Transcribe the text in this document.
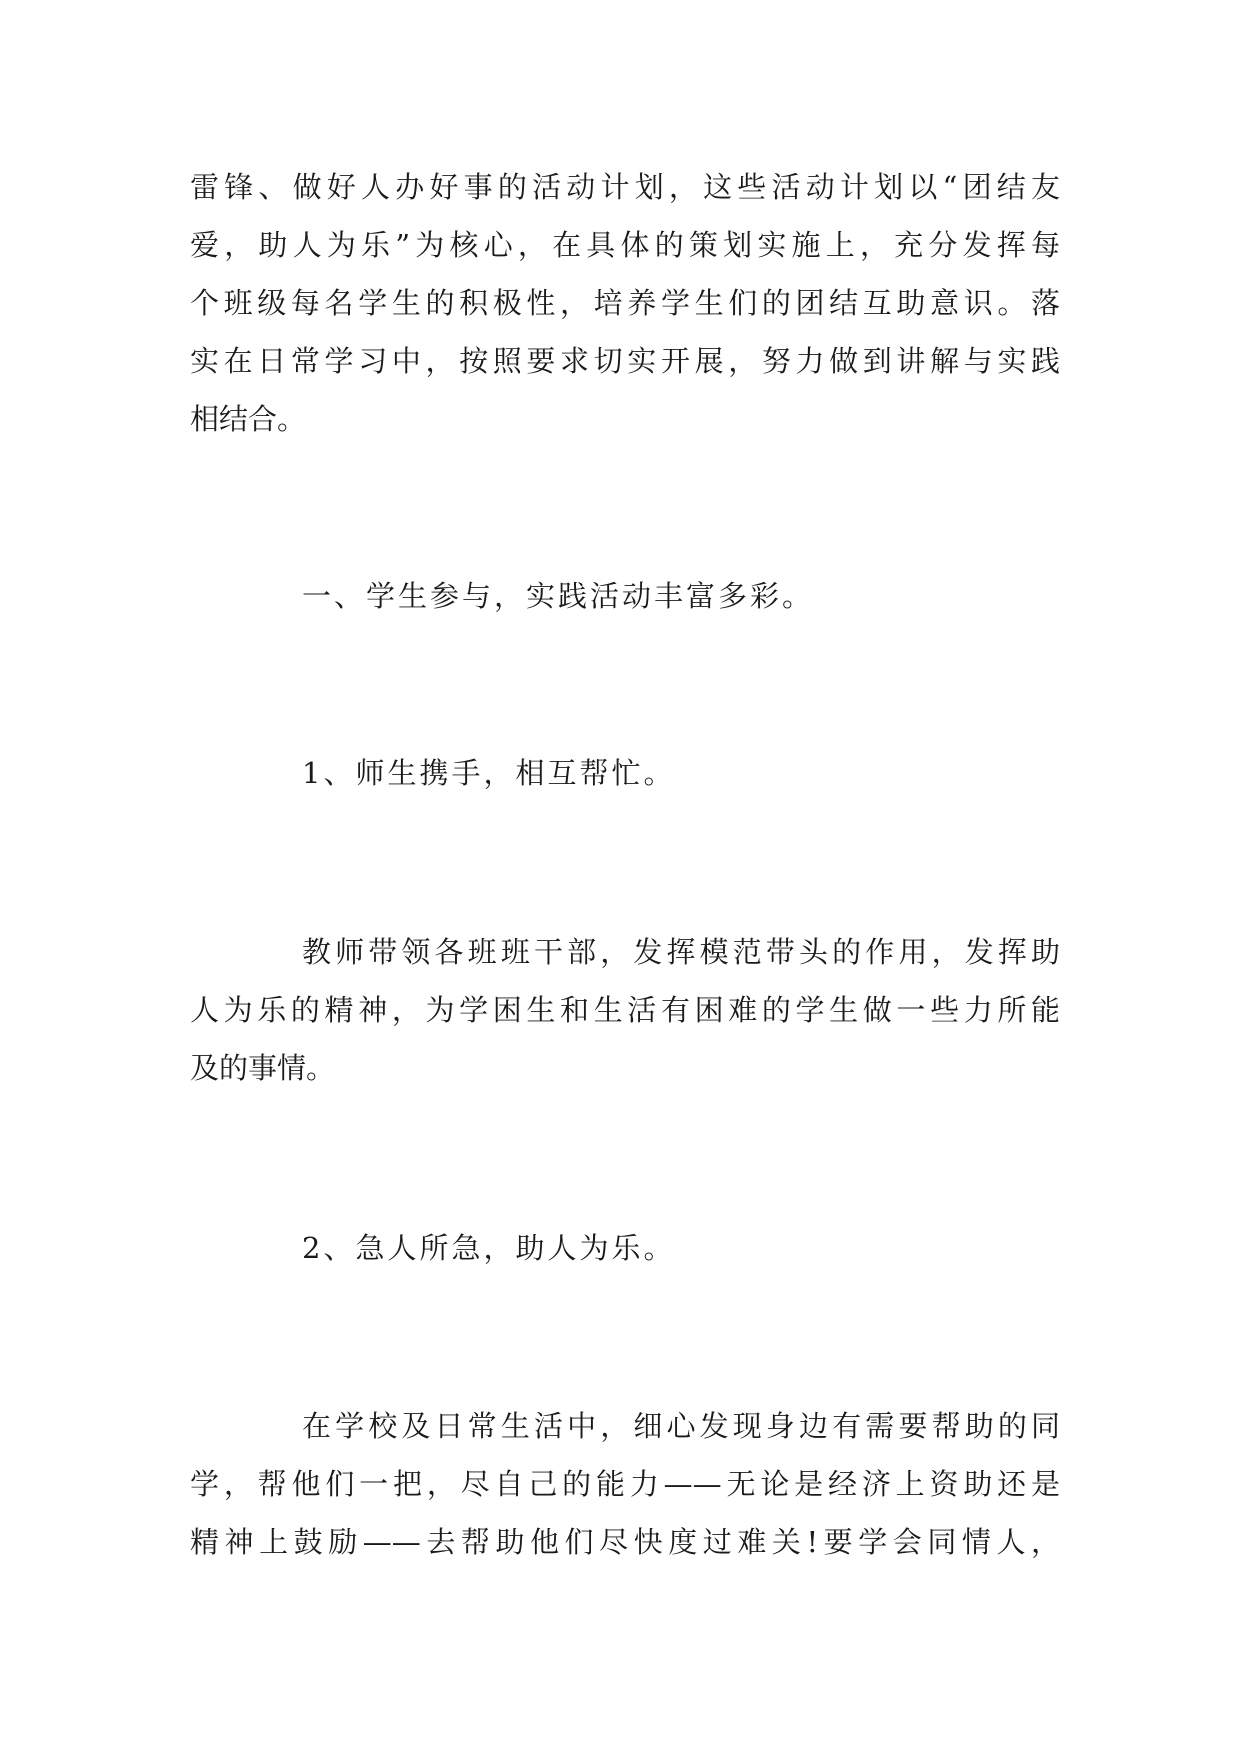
雷锋、做好人办好事的活动计划，这些活动计划以“团结友
爱，助人为乐”为核心，在具体的策划实施上，充分发挥每
个班级每名学生的积极性，培养学生们的团结互助意识。落
实在日常学习中，按照要求切实开展，努力做到讲解与实践
相结合。
一、学生参与，实践活动丰富多彩。
1、师生携手，相互帮忙。
教师带领各班班干部，发挥模范带头的作用，发挥助
人为乐的精神，为学困生和生活有困难的学生做一些力所能
及的事情。
2、急人所急，助人为乐。
在学校及日常生活中，细心发现身边有需要帮助的同
学，帮他们一把，尽自己的能力——无论是经济上资助还是
精神上鼓励——去帮助他们尽快度过难关!要学会同情人，
